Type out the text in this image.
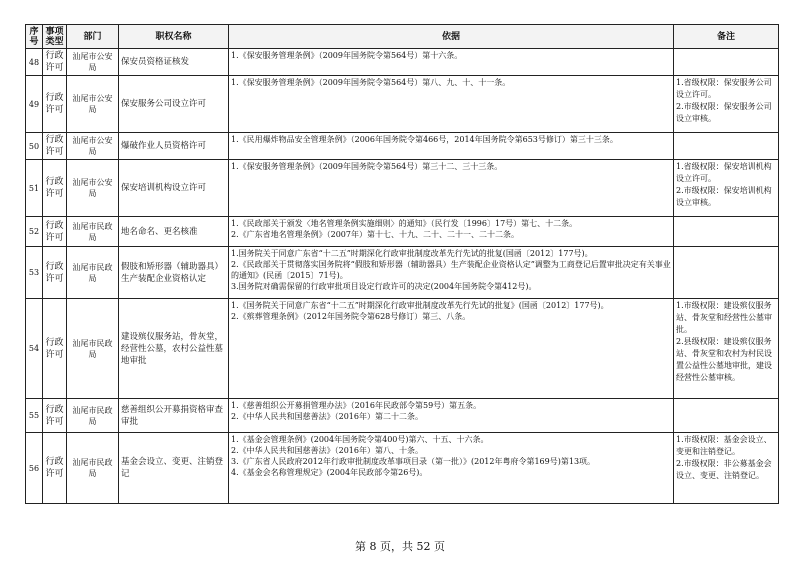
序号	事项类型	部门	职权名称	依据	备注
48	行政许可	汕尾市公安局	保安员资格证核发	1.《保安服务管理条例》（2009年国务院令第564号）第十六条。	

49	行政许可	汕尾市公安局	保安服务公司设立许可	1.《保安服务管理条例》（2009年国务院令第564号）第八、九、十、十一条。	1.省级权限：保安服务公司设立许可。
2.市级权限：保安服务公司设立审核。

50	行政许可	汕尾市公安局	爆破作业人员资格许可	1.《民用爆炸物品安全管理条例》（2006年国务院令第466号，2014年国务院令第653号修订）第三十三条。	

51	行政许可	汕尾市公安局	保安培训机构设立许可	1.《保安服务管理条例》（2009年国务院令第564号）第三十二、三十三条。	1.省级权限：保安培训机构设立许可。
2.市级权限：保安培训机构设立审核。

52	行政许可	汕尾市民政局	地名命名、更名核准	1.《民政部关于颁发〈地名管理条例实施细则〉的通知》（民行发〔1996〕17号）第七、十二条。
2.《广东省地名管理条例》（2007年）第十七、十九、二十、二十一、二十二条。	

53	行政许可	汕尾市民政局	假肢和矫形器（辅助器具）生产装配企业资格认定	1.国务院关于同意广东省“十二五”时期深化行政审批制度改革先行先试的批复(国函〔2012〕177号)。
2.《民政部关于贯彻落实国务院将“假肢和矫形器（辅助器具）生产装配企业资格认定”调整为工商登记后置审批决定有关事业的通知》(民函〔2015〕71号)。
3.国务院对确需保留的行政审批项目设定行政许可的决定(2004年国务院令第412号)。	

54	行政许可	汕尾市民政局	建设殡仪服务站，骨灰堂，经营性公墓，农村公益性墓地审批	1.《国务院关于同意广东省“十二五”时期深化行政审批制度改革先行先试的批复》(国函〔2012〕177号)。
2.《殡葬管理条例》（2012年国务院令第628号修订）第三、八条。	1.市级权限：建设殡仪服务站、骨灰堂和经营性公墓审批。
2.县级权限：建设殡仪服务站、骨灰堂和农村为村民设置公益性公墓地审批，建设经营性公墓审核。

55	行政许可	汕尾市民政局	慈善组织公开募捐资格审查审批	1.《慈善组织公开募捐管理办法》（2016年民政部令第59号）第五条。
2.《中华人民共和国慈善法》（2016年）第二十二条。	

56	行政许可	汕尾市民政局	基金会设立、变更、注销登记	1.《基金会管理条例》(2004年国务院令第400号)第六、十五、十六条。
2.《中华人民共和国慈善法》（2016年）第八、十条。
3.《广东省人民政府2012年行政审批制度改革事项目录（第一批）》(2012年粤府令第169号)第13项。
4.《基金会名称管理规定》(2004年民政部令第26号)。	1.市级权限：基金会设立、变更和注销登记。
2.市级权限：非公募基金会设立、变更、注销登记。
第 8 页，共 52 页
